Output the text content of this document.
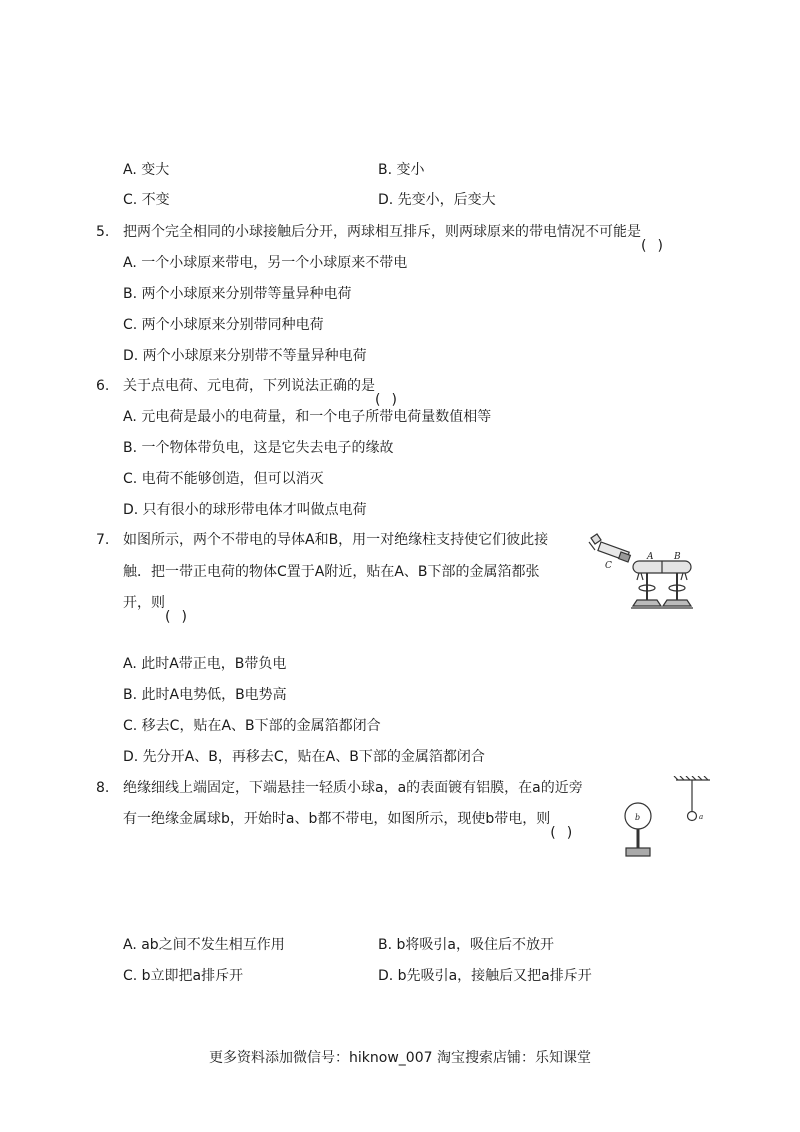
A. 变大	B. 变小
C. 不变	D. 先变小，后变大
5. 把两个完全相同的小球接触后分开，两球相互排斥，则两球原来的带电情况不可能是
( )
A. 一个小球原来带电，另一个小球原来不带电
B. 两个小球原来分别带等量异种电荷
C. 两个小球原来分别带同种电荷
D. 两个小球原来分别带不等量异种电荷
6. 关于点电荷、元电荷，下列说法正确的是
( )
A. 元电荷是最小的电荷量，和一个电子所带电荷量数值相等
B. 一个物体带负电，这是它失去电子的缘故
C. 电荷不能够创造，但可以消灭
D. 只有很小的球形带电体才叫做点电荷
7. 如图所示，两个不带电的导体A和B，用一对绝缘柱支持使它们彼此接
触．把一带正电荷的物体C置于A附近，贴在A、B下部的金属箔都张
开，则
( )
A B
C
A. 此时A带正电，B带负电
B. 此时A电势低，B电势高
C. 移去C，贴在A、B下部的金属箔都闭合
D. 先分开A、B，再移去C，贴在A、B下部的金属箔都闭合
8. 绝缘细线上端固定，下端悬挂一轻质小球a，a的表面镀有铝膜，在a的近旁
有一绝缘金属球b，开始时a、b都不带电，如图所示，现使b带电，则
( )
b	a
A. ab之间不发生相互作用	B. b将吸引a，吸住后不放开
C. b立即把a排斥开	D. b先吸引a，接触后又把a排斥开
更多资料添加微信号：hiknow_007 淘宝搜索店铺：乐知课堂
